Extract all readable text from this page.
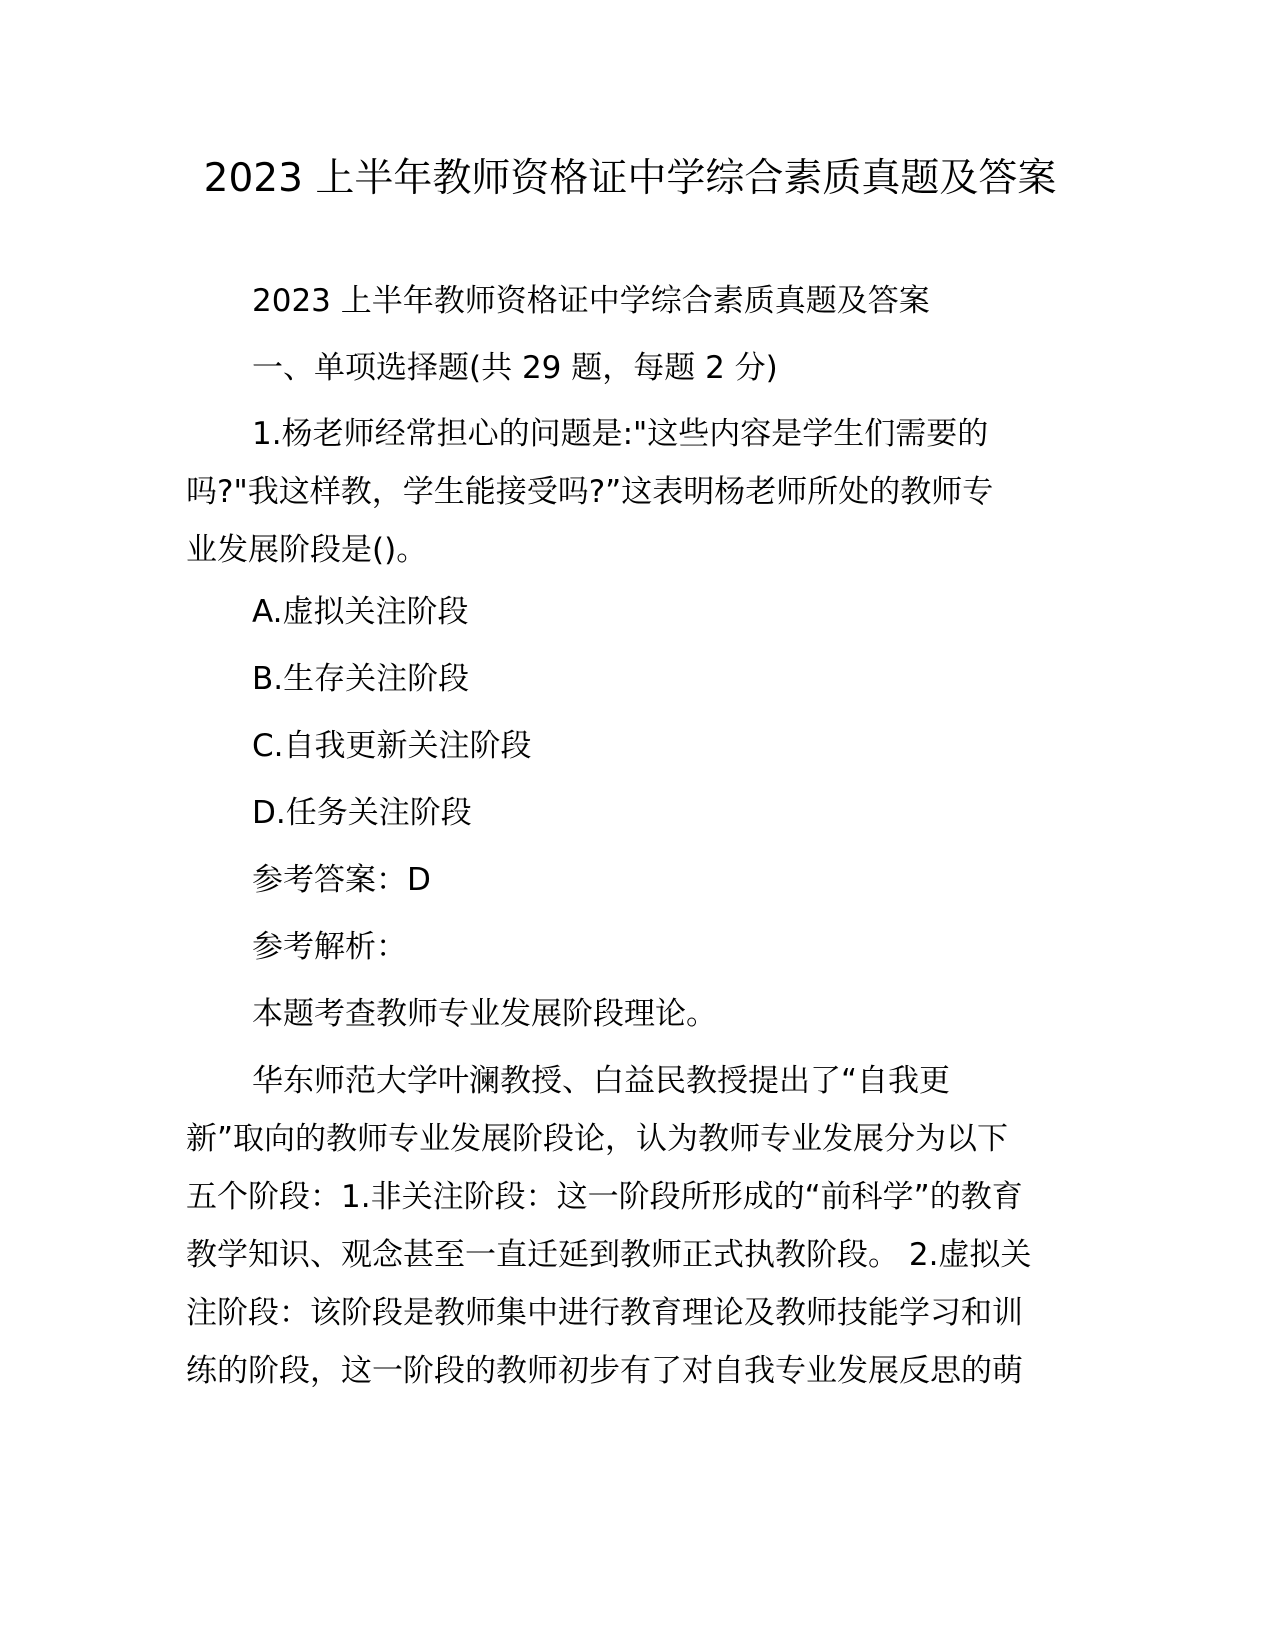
2023 上半年教师资格证中学综合素质真题及答案

2023 上半年教师资格证中学综合素质真题及答案

一、单项选择题(共 29 题，每题 2 分)

1.杨老师经常担心的问题是:"这些内容是学生们需要的
吗?"我这样教，学生能接受吗?”这表明杨老师所处的教师专
业发展阶段是()。

A.虚拟关注阶段

B.生存关注阶段

C.自我更新关注阶段

D.任务关注阶段

参考答案：D

参考解析：

本题考查教师专业发展阶段理论。

华东师范大学叶澜教授、白益民教授提出了“自我更
新”取向的教师专业发展阶段论，认为教师专业发展分为以下
五个阶段：1.非关注阶段：这一阶段所形成的“前科学”的教育
教学知识、观念甚至一直迁延到教师正式执教阶段。 2.虚拟关
注阶段：该阶段是教师集中进行教育理论及教师技能学习和训
练的阶段，这一阶段的教师初步有了对自我专业发展反思的萌
